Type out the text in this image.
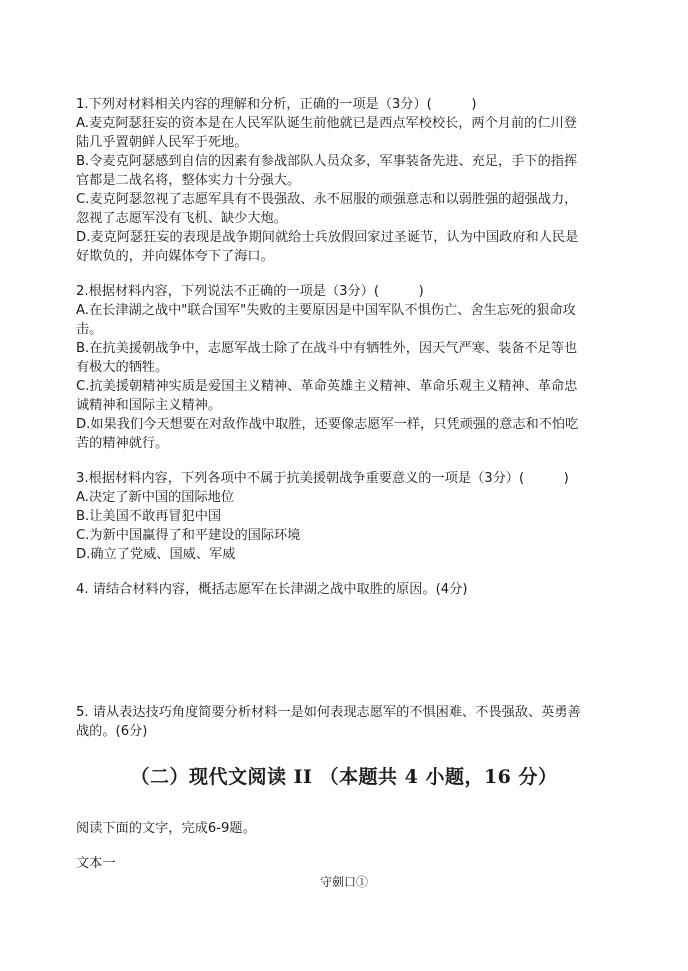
1.下列对材料相关内容的理解和分析，正确的一项是（3分）(　　　)
A.麦克阿瑟狂妄的资本是在人民军队诞生前他就已是西点军校校长，两个月前的仁川登
陆几乎置朝鲜人民军于死地。
B.令麦克阿瑟感到自信的因素有参战部队人员众多，军事装备先进、充足，手下的指挥
官都是二战名将，整体实力十分强大。
C.麦克阿瑟忽视了志愿军具有不畏强敌、永不屈服的顽强意志和以弱胜强的超强战力，
忽视了志愿军没有飞机、缺少大炮。
D.麦克阿瑟狂妄的表现是战争期间就给士兵放假回家过圣诞节，认为中国政府和人民是
好欺负的，并向媒体夸下了海口。
2.根据材料内容，下列说法不正确的一项是（3分）(　　　)
A.在长津湖之战中"联合国军"失败的主要原因是中国军队不惧伤亡、舍生忘死的狠命攻
击。
B.在抗美援朝战争中，志愿军战士除了在战斗中有牺牲外，因天气严寒、装备不足等也
有极大的牺牲。
C.抗美援朝精神实质是爱国主义精神、革命英雄主义精神、革命乐观主义精神、革命忠
诚精神和国际主义精神。
D.如果我们今天想要在对敌作战中取胜，还要像志愿军一样，只凭顽强的意志和不怕吃
苦的精神就行。
3.根据材料内容，下列各项中不属于抗美援朝战争重要意义的一项是（3分）(　　　)
A.决定了新中国的国际地位
B.让美国不敢再冒犯中国
C.为新中国赢得了和平建设的国际环境
D.确立了党威、国威、军威
4. 请结合材料内容，概括志愿军在长津湖之战中取胜的原因。(4分)
5. 请从表达技巧角度简要分析材料一是如何表现志愿军的不惧困难、不畏强敌、英勇善
战的。(6分)
（二）现代文阅读 II （本题共 4 小题，16 分）
阅读下面的文字，完成6-9题。
文本一
守劍口①
